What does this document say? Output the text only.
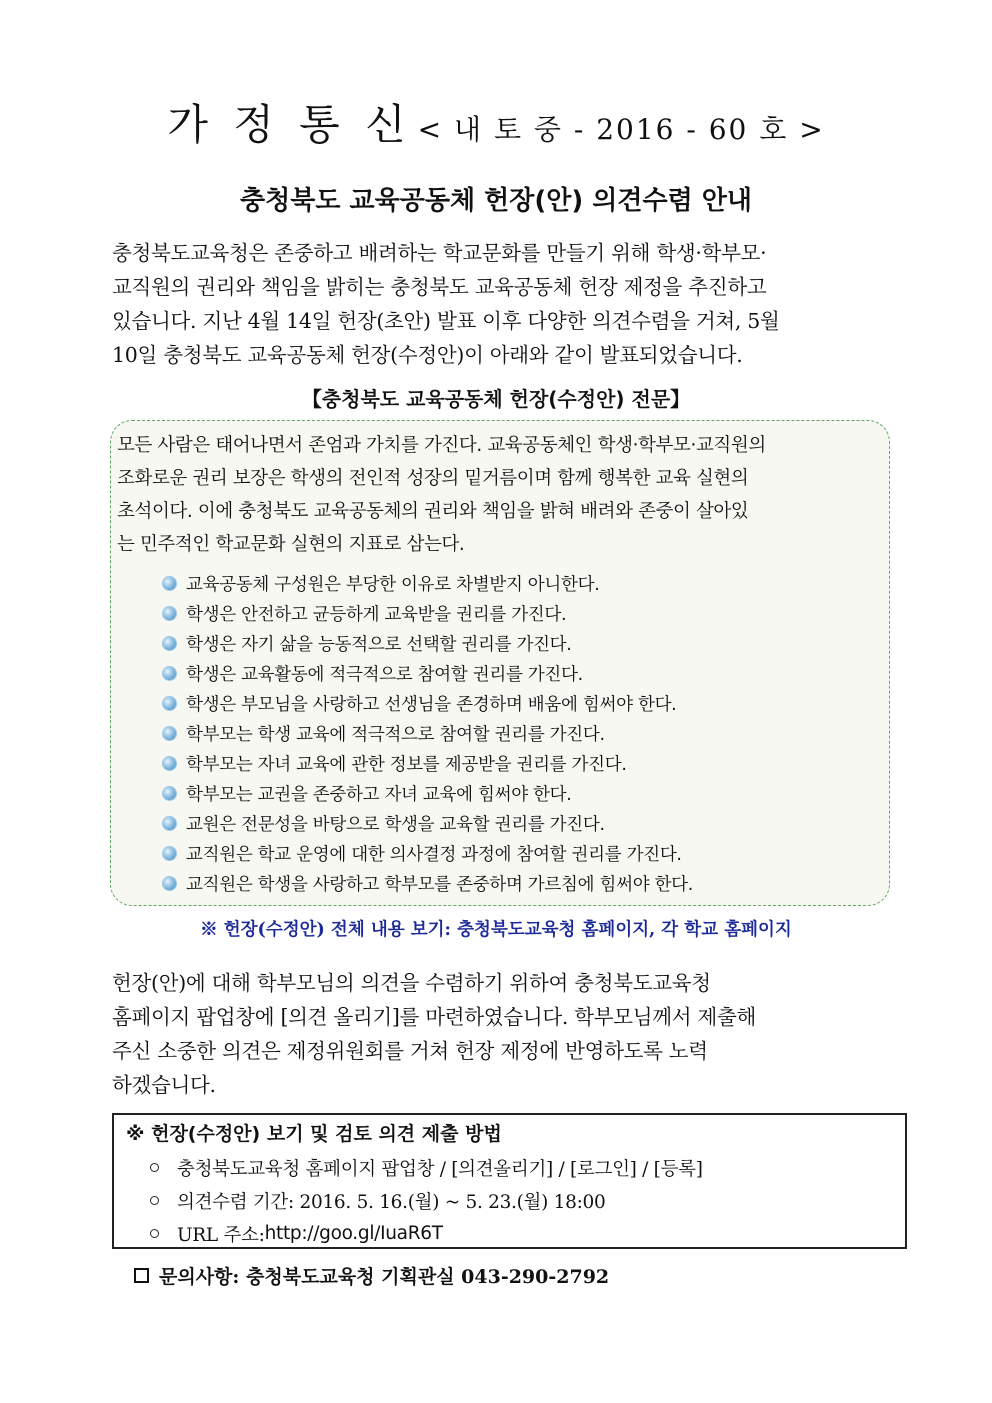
가 정 통 신 < 내 토 중 - 2016 - 60 호 >
충청북도 교육공동체 헌장(안) 의견수렴 안내
충청북도교육청은 존중하고 배려하는 학교문화를 만들기 위해 학생·학부모·
교직원의 권리와 책임을 밝히는 충청북도 교육공동체 헌장 제정을 추진하고
있습니다. 지난 4월 14일 헌장(초안) 발표 이후 다양한 의견수렴을 거쳐, 5월
10일 충청북도 교육공동체 헌장(수정안)이 아래와 같이 발표되었습니다.
【충청북도 교육공동체 헌장(수정안) 전문】
모든 사람은 태어나면서 존엄과 가치를 가진다. 교육공동체인 학생·학부모·교직원의
조화로운 권리 보장은 학생의 전인적 성장의 밑거름이며 함께 행복한 교육 실현의
초석이다. 이에 충청북도 교육공동체의 권리와 책임을 밝혀 배려와 존중이 살아있
는 민주적인 학교문화 실현의 지표로 삼는다.
교육공동체 구성원은 부당한 이유로 차별받지 아니한다.
학생은 안전하고 균등하게 교육받을 권리를 가진다.
학생은 자기 삶을 능동적으로 선택할 권리를 가진다.
학생은 교육활동에 적극적으로 참여할 권리를 가진다.
학생은 부모님을 사랑하고 선생님을 존경하며 배움에 힘써야 한다.
학부모는 학생 교육에 적극적으로 참여할 권리를 가진다.
학부모는 자녀 교육에 관한 정보를 제공받을 권리를 가진다.
학부모는 교권을 존중하고 자녀 교육에 힘써야 한다.
교원은 전문성을 바탕으로 학생을 교육할 권리를 가진다.
교직원은 학교 운영에 대한 의사결정 과정에 참여할 권리를 가진다.
교직원은 학생을 사랑하고 학부모를 존중하며 가르침에 힘써야 한다.
※ 헌장(수정안) 전체 내용 보기: 충청북도교육청 홈페이지, 각 학교 홈페이지
헌장(안)에 대해 학부모님의 의견을 수렴하기 위하여 충청북도교육청
홈페이지 팝업창에 [의견 올리기]를 마련하였습니다. 학부모님께서 제출해
주신 소중한 의견은 제정위원회를 거쳐 헌장 제정에 반영하도록 노력
하겠습니다.
※ 헌장(수정안) 보기 및 검토 의견 제출 방법
충청북도교육청 홈페이지 팝업창 / [의견올리기] / [로그인] / [등록]
의견수렴 기간: 2016. 5. 16.(월) ~ 5. 23.(월) 18:00
URL 주소: http://goo.gl/IuaR6T
문의사항: 충청북도교육청 기획관실 043-290-2792
